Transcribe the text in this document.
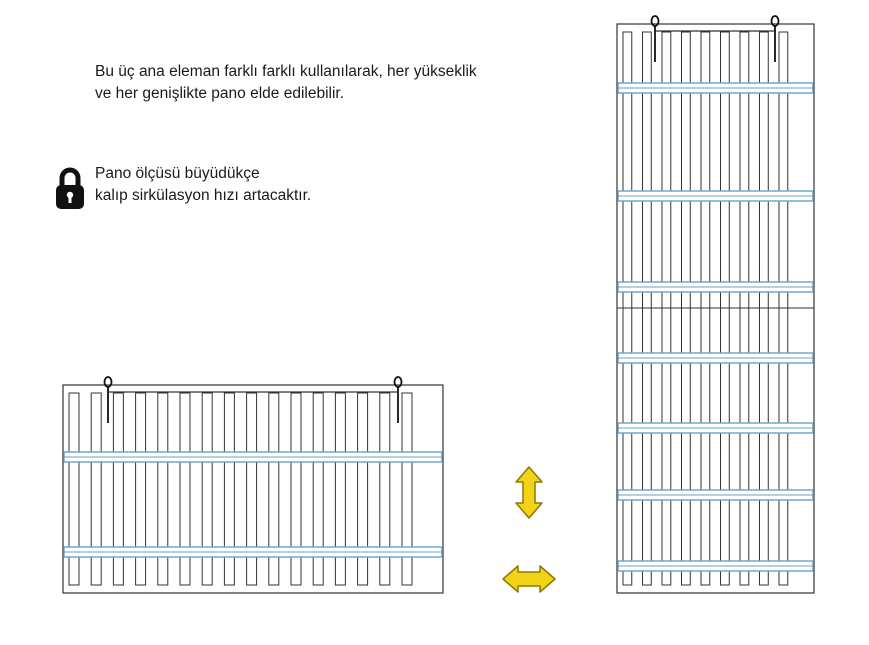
Bu üç ana eleman farklı farklı kullanılarak, her yükseklik
ve her genişlikte pano elde edilebilir.
Pano ölçüsü büyüdükçe
kalıp sirkülasyon hızı artacaktır.
